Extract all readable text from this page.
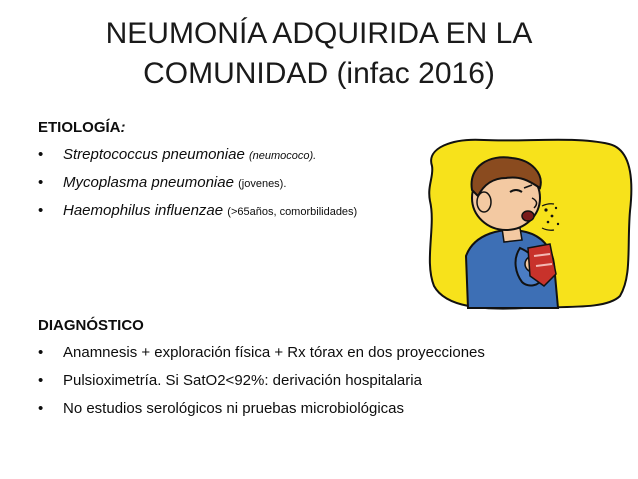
NEUMONÍA ADQUIRIDA EN LA COMUNIDAD (infac 2016)
ETIOLOGÍA:
• Streptococcus pneumoniae (neumococo).
• Mycoplasma pneumoniae (jovenes).
• Haemophilus influenzae (>65años, comorbilidades)
DIAGNÓSTICO
• Anamnesis + exploración física + Rx tórax en dos proyecciones
• Pulsioximetría. Si SatO2<92%: derivación hospitalaria
• No estudios serológicos ni pruebas microbiológicas
